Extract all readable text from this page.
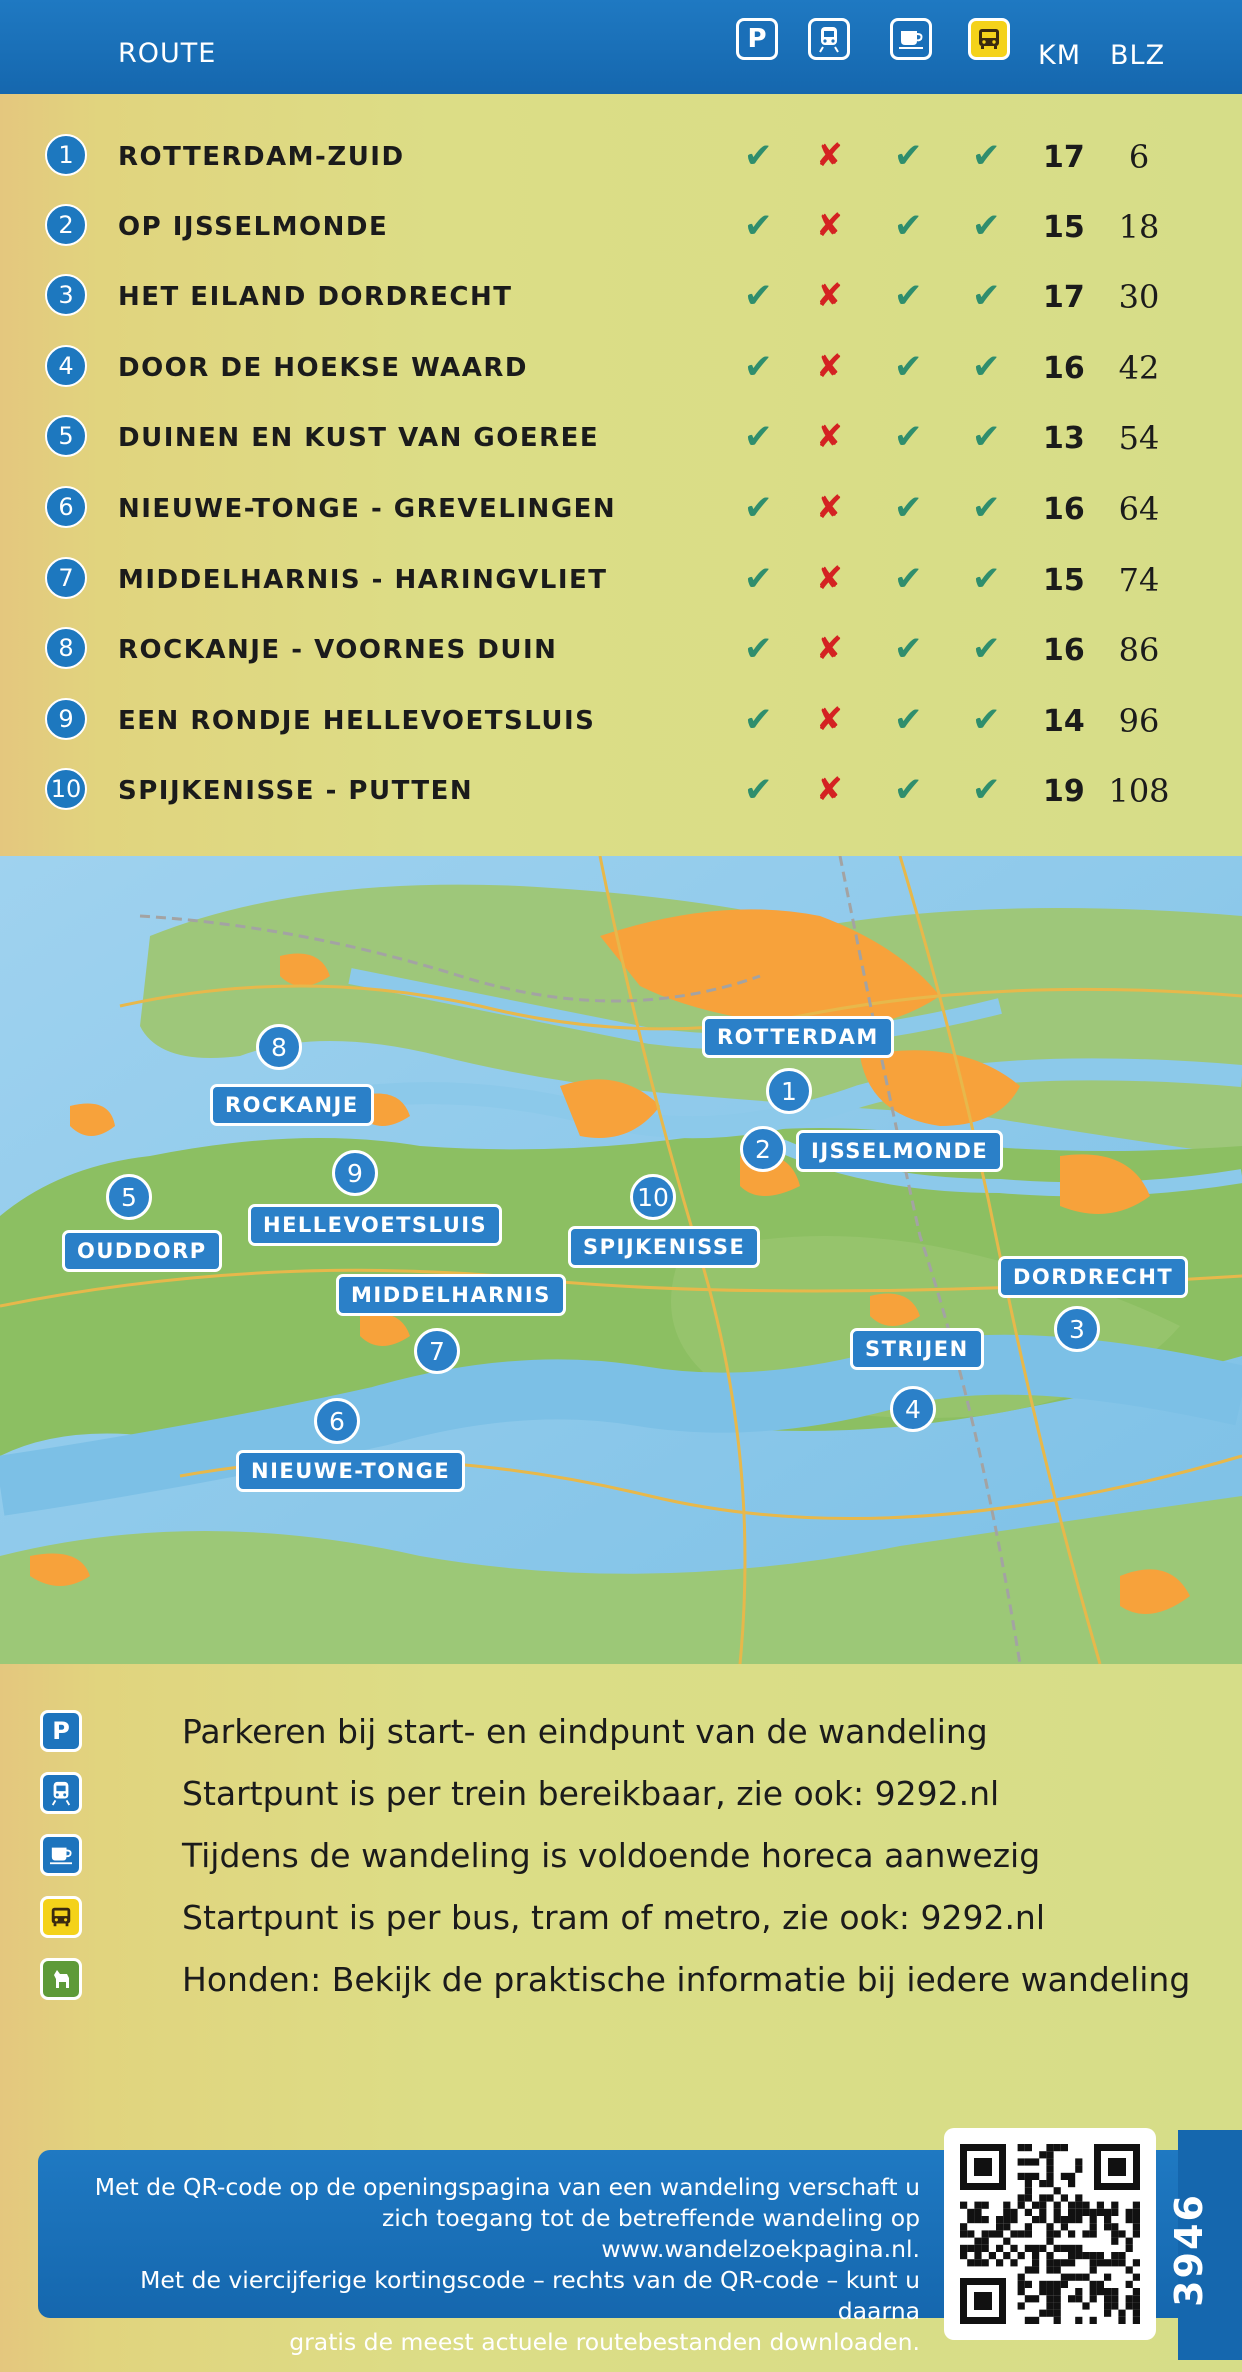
ROUTE	P
KM BLZ
1	ROTTERDAM-ZUID	✔ ✘ ✔ ✔ 17	6
2	OP IJSSELMONDE	✔ ✘ ✔ ✔ 15	18
3	HET EILAND DORDRECHT	✔ ✘ ✔ ✔ 17	30
4	DOOR DE HOEKSE WAARD	✔ ✘ ✔ ✔ 16	42
5	DUINEN EN KUST VAN GOEREE	✔ ✘ ✔ ✔ 13	54
6	NIEUWE-TONGE - GREVELINGEN	✔ ✘ ✔ ✔ 16	64
7	MIDDELHARNIS - HARINGVLIET	✔ ✘ ✔ ✔ 15	74
8	ROCKANJE - VOORNES DUIN	✔ ✘ ✔ ✔ 16	86
9	EEN RONDJE HELLEVOETSLUIS	✔ ✘ ✔ ✔ 14	96
10 SPIJKENISSE - PUTTEN	✔ ✘ ✔ ✔ 19 108
ROTTERDAM
IJSSELMONDE
ROCKANJE
HELLEVOETSLUIS
OUDDORP	SPIJKENISSE
MIDDELHARNIS
DORDRECHT
STRIJEN
NIEUWE-TONGE
1
2
3
4
5
6
7
8
9
10
P	Parkeren bij start- en eindpunt van de wandeling
Startpunt is per trein bereikbaar, zie ook: 9292.nl
Tijdens de wandeling is voldoende horeca aanwezig
Startpunt is per bus, tram of metro, zie ook: 9292.nl
Honden: Bekijk de praktische informatie bij iedere wandeling
Met de QR-code op de openingspagina van een wandeling verschaft u
zich toegang tot de betreffende wandeling op www.wandelzoekpagina.nl.
Met de viercijferige kortingscode – rechts van de QR-code – kunt u daarna
gratis de meest actuele routebestanden downloaden.
3946
